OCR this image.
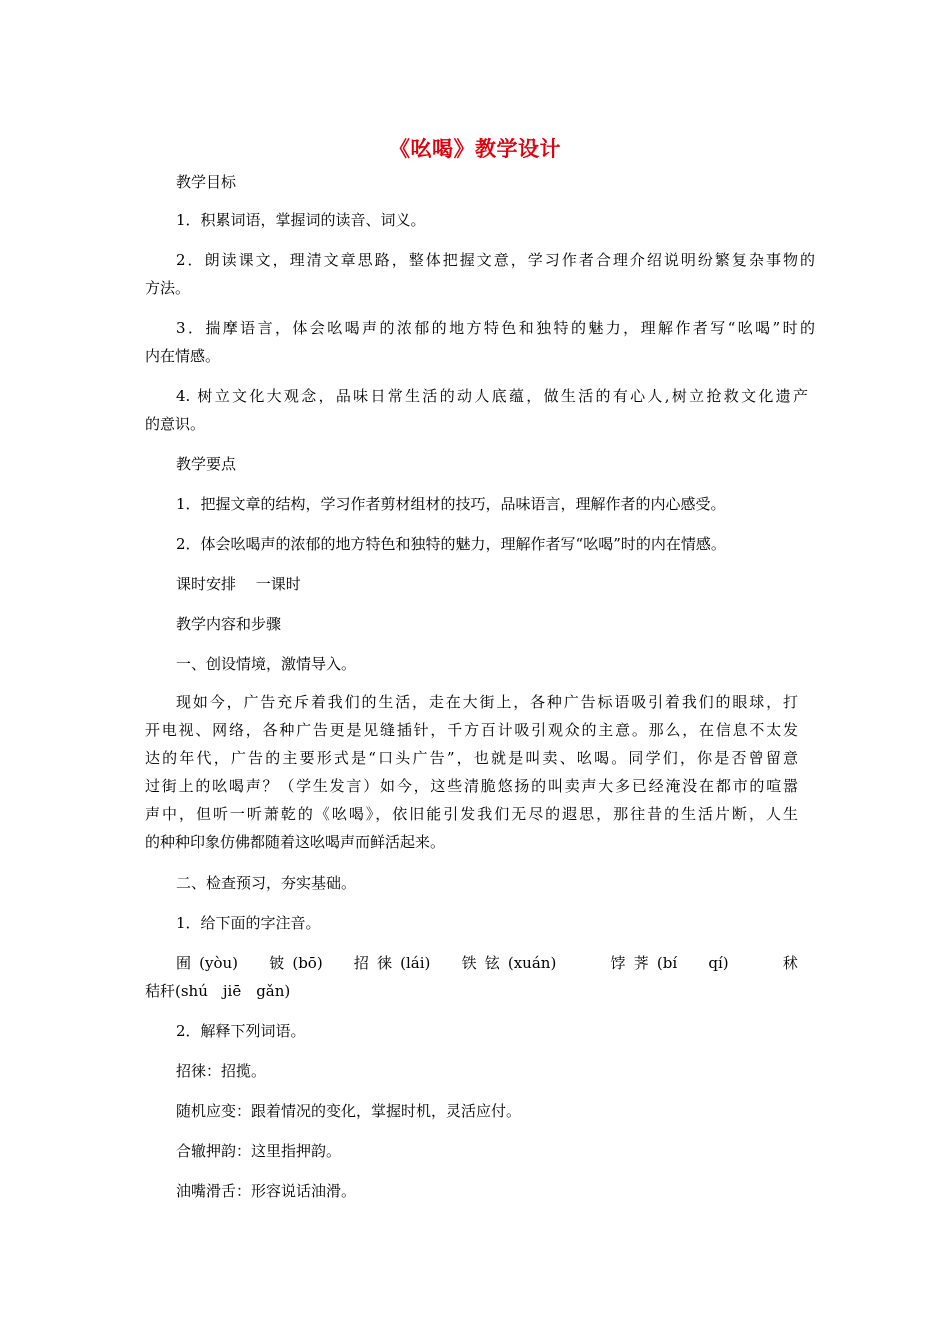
《吆喝》教学设计
教学目标
1．积累词语，掌握词的读音、词义。
2．朗读课文，理清文章思路，整体把握文意，学习作者合理介绍说明纷繁复杂事物的
方法。
3．揣摩语言，体会吆喝声的浓郁的地方特色和独特的魅力，理解作者写“吆喝”时的
内在情感。
4. 树立文化大观念，品味日常生活的动人底蕴，做生活的有心人,树立抢救文化遗产
的意识。
教学要点
1．把握文章的结构，学习作者剪材组材的技巧，品味语言，理解作者的内心感受。
2．体会吆喝声的浓郁的地方特色和独特的魅力，理解作者写“吆喝”时的内在情感。
课时安排　 一课时
教学内容和步骤
一、创设情境，激情导入。
现如今，广告充斥着我们的生活，走在大街上，各种广告标语吸引着我们的眼球，打
开电视、网络，各种广告更是见缝插针，千方百计吸引观众的主意。那么，在信息不太发
达的年代，广告的主要形式是“口头广告”，也就是叫卖、吆喝。同学们，你是否曾留意
过街上的吆喝声？（学生发言）如今，这些清脆悠扬的叫卖声大多已经淹没在都市的喧嚣
声中，但听一听萧乾的《吆喝》，依旧能引发我们无尽的遐思，那往昔的生活片断，人生
的种种印象仿佛都随着这吆喝声而鲜活起来。
二、检查预习，夯实基础。
1．给下面的字注音。
囿(yòu)　铍(bō)　招徕(lái)　铁铉(xuán)　　饽荠(bí　qí)　　秫
秸秆(shú　jiē　gǎn)
2．解释下列词语。
招徕：招揽。
随机应变：跟着情况的变化，掌握时机，灵活应付。
合辙押韵：这里指押韵。
油嘴滑舌：形容说话油滑。
